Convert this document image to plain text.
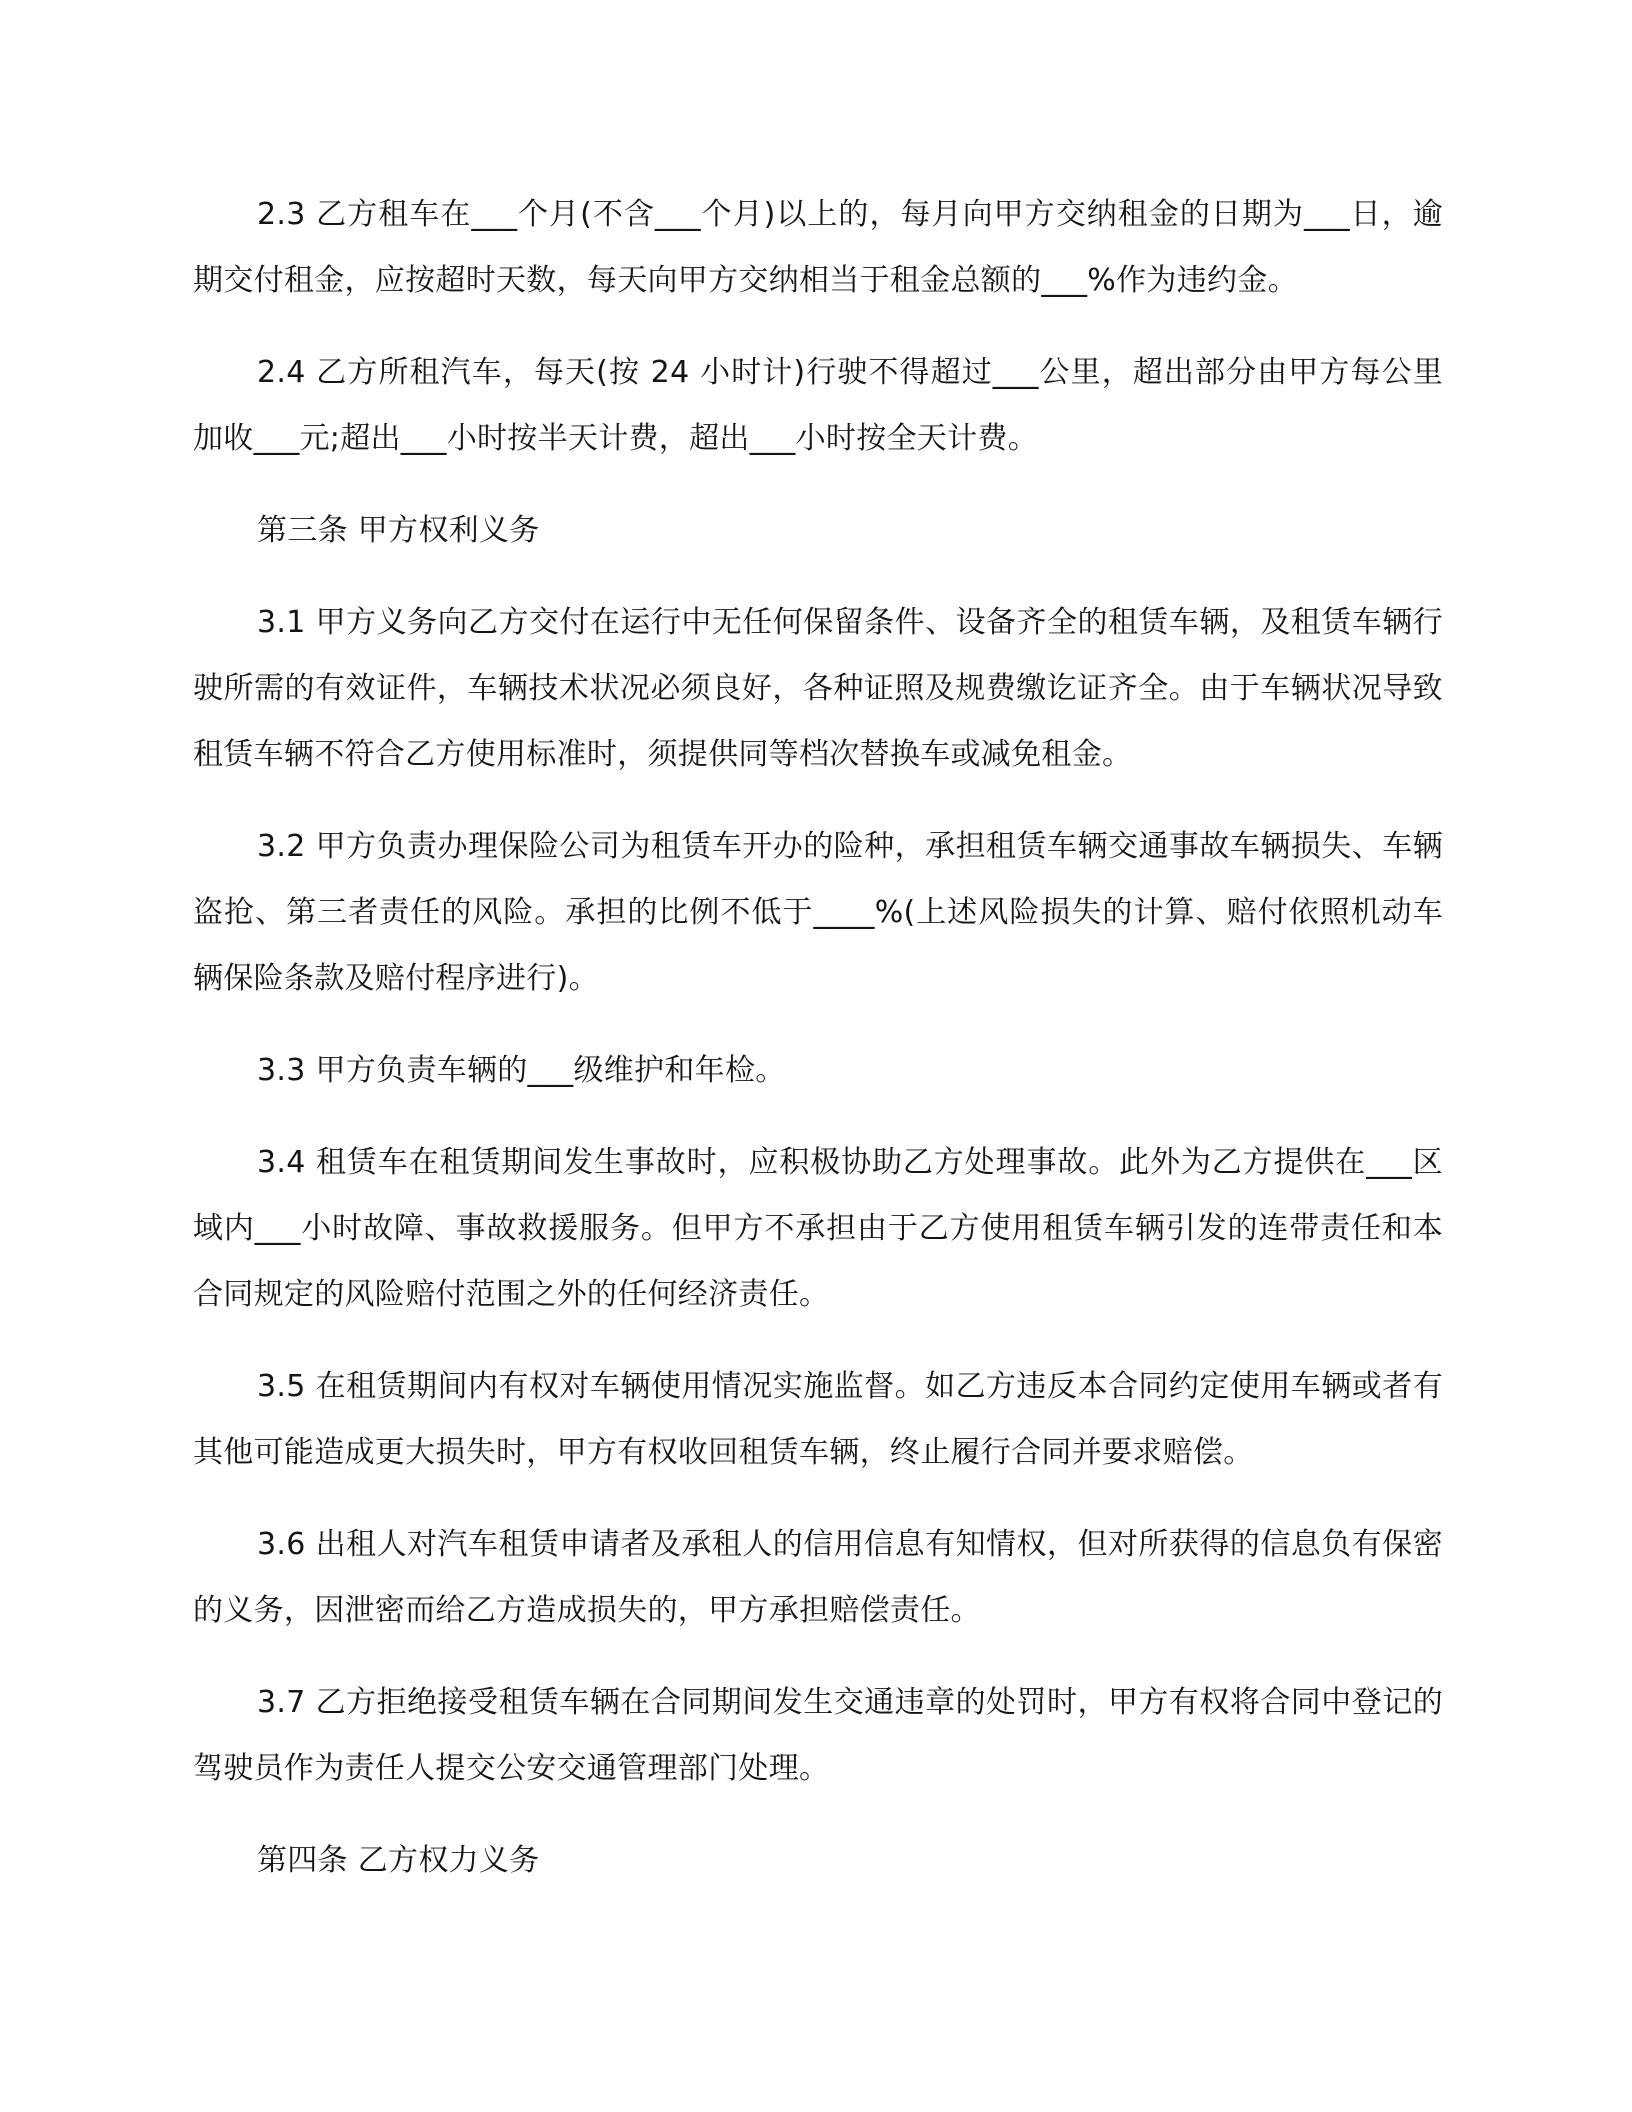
2.3 乙方租车在___个月(不含___个月)以上的，每月向甲方交纳租金的日期为___日，逾期交付租金，应按超时天数，每天向甲方交纳相当于租金总额的___%作为违约金。

2.4 乙方所租汽车，每天(按 24 小时计)行驶不得超过___公里，超出部分由甲方每公里加收___元;超出___小时按半天计费，超出___小时按全天计费。

第三条 甲方权利义务

3.1 甲方义务向乙方交付在运行中无任何保留条件、设备齐全的租赁车辆，及租赁车辆行驶所需的有效证件，车辆技术状况必须良好，各种证照及规费缴讫证齐全。由于车辆状况导致租赁车辆不符合乙方使用标准时，须提供同等档次替换车或减免租金。

3.2 甲方负责办理保险公司为租赁车开办的险种，承担租赁车辆交通事故车辆损失、车辆盗抢、第三者责任的风险。承担的比例不低于____%(上述风险损失的计算、赔付依照机动车辆保险条款及赔付程序进行)。

3.3 甲方负责车辆的___级维护和年检。

3.4 租赁车在租赁期间发生事故时，应积极协助乙方处理事故。此外为乙方提供在___区域内___小时故障、事故救援服务。但甲方不承担由于乙方使用租赁车辆引发的连带责任和本合同规定的风险赔付范围之外的任何经济责任。

3.5 在租赁期间内有权对车辆使用情况实施监督。如乙方违反本合同约定使用车辆或者有其他可能造成更大损失时，甲方有权收回租赁车辆，终止履行合同并要求赔偿。

3.6 出租人对汽车租赁申请者及承租人的信用信息有知情权，但对所获得的信息负有保密的义务，因泄密而给乙方造成损失的，甲方承担赔偿责任。

3.7 乙方拒绝接受租赁车辆在合同期间发生交通违章的处罚时，甲方有权将合同中登记的驾驶员作为责任人提交公安交通管理部门处理。

第四条 乙方权力义务
